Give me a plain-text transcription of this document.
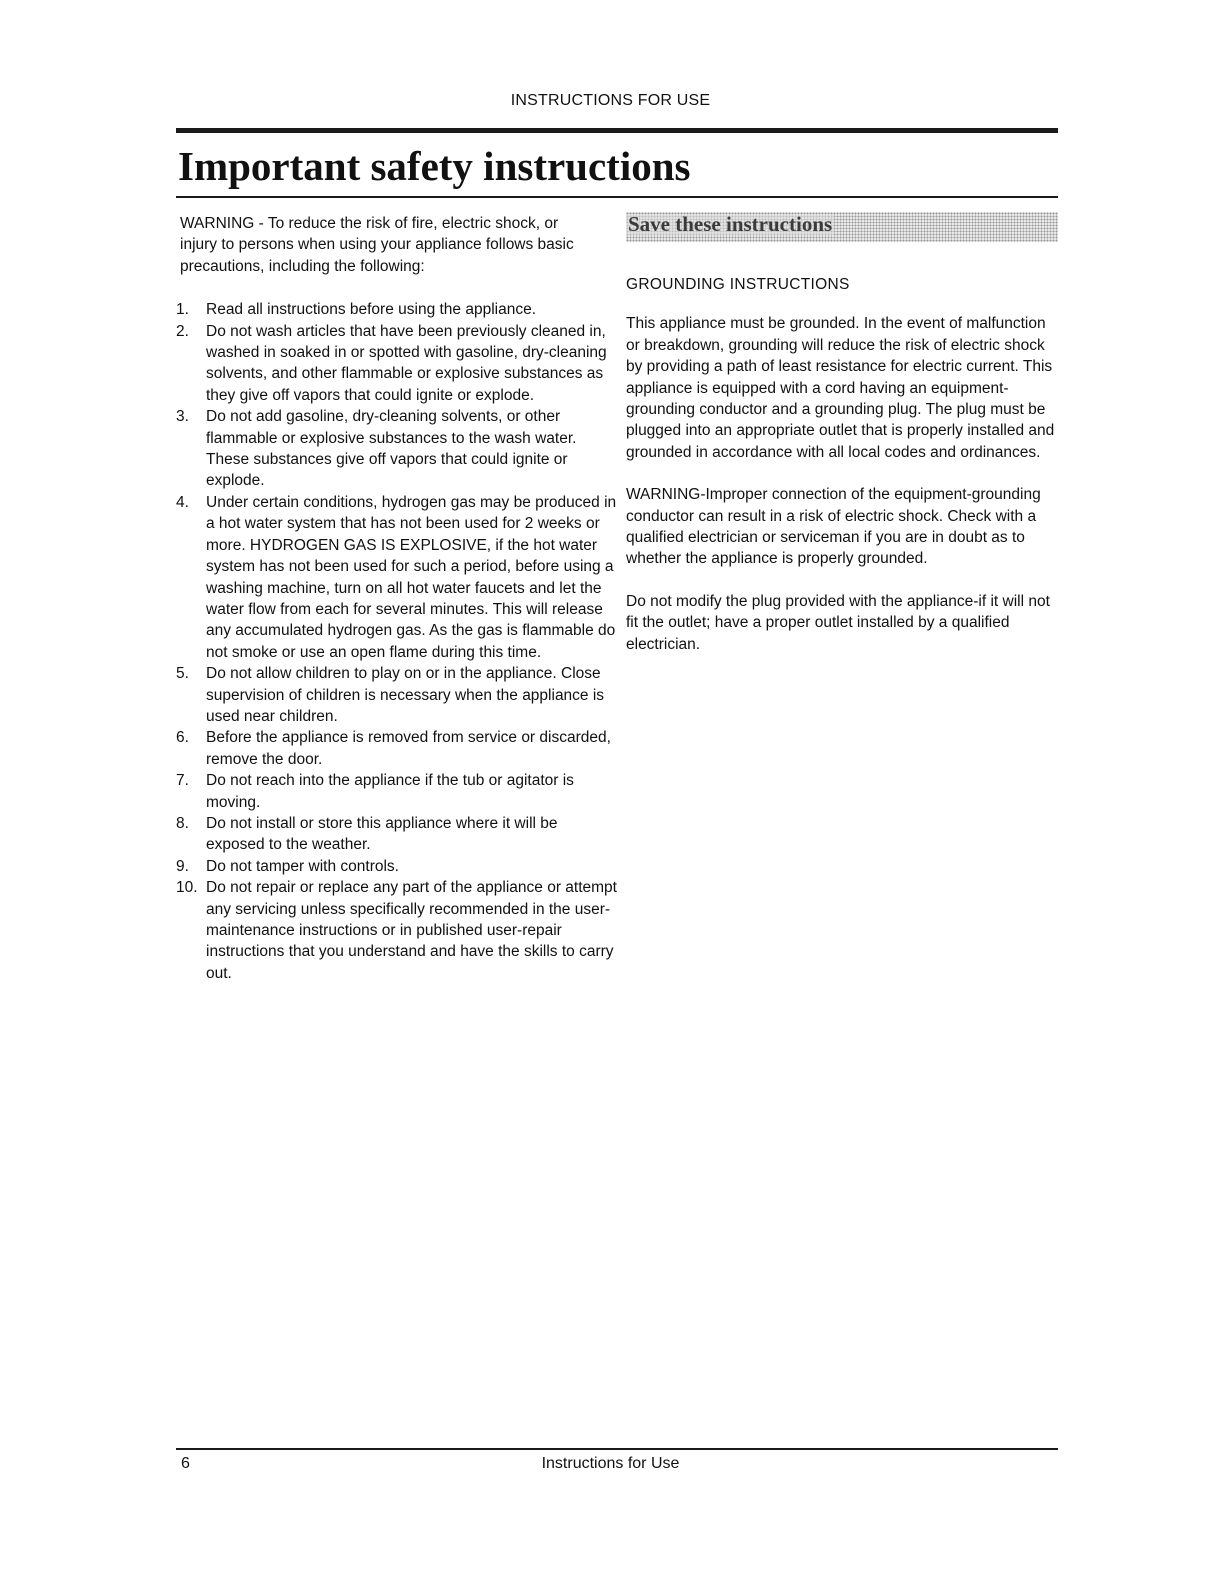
INSTRUCTIONS FOR USE
Important safety instructions

WARNING - To reduce the risk of fire, electric shock, or injury to persons when using your appliance follows basic precautions, including the following:

1.	Read all instructions before using the appliance.
2.	Do not wash articles that have been previously cleaned in, washed in soaked in or spotted with gasoline, dry-cleaning solvents, and other flammable or explosive substances as they give off vapors that could ignite or explode.
3.	Do not add gasoline, dry-cleaning solvents, or other flammable or explosive substances to the wash water. These substances give off vapors that could ignite or explode.
4.	Under certain conditions, hydrogen gas may be produced in a hot water system that has not been used for 2 weeks or more. HYDROGEN GAS IS EXPLOSIVE, if the hot water system has not been used for such a period, before using a washing machine, turn on all hot water faucets and let the water flow from each for several minutes. This will release any accumulated hydrogen gas. As the gas is flammable do not smoke or use an open flame during this time.
5.	Do not allow children to play on or in the appliance. Close supervision of children is necessary when the appliance is used near children.
6.	Before the appliance is removed from service or discarded, remove the door.
7.	Do not reach into the appliance if the tub or agitator is moving.
8.	Do not install or store this appliance where it will be exposed to the weather.
9.	Do not tamper with controls.
10. Do not repair or replace any part of the appliance or attempt any servicing unless specifically recommended in the user-maintenance instructions or in published user-repair instructions that you understand and have the skills to carry out.
Save these instructions

GROUNDING INSTRUCTIONS

This appliance must be grounded. In the event of malfunction or breakdown, grounding will reduce the risk of electric shock by providing a path of least resistance for electric current. This appliance is equipped with a cord having an equipment-grounding conductor and a grounding plug. The plug must be plugged into an appropriate outlet that is properly installed and grounded in accordance with all local codes and ordinances.

WARNING-Improper connection of the equipment-grounding conductor can result in a risk of electric shock. Check with a qualified electrician or serviceman if you are in doubt as to whether the appliance is properly grounded.

Do not modify the plug provided with the appliance-if it will not fit the outlet; have a proper outlet installed by a qualified electrician.

6	Instructions for Use
